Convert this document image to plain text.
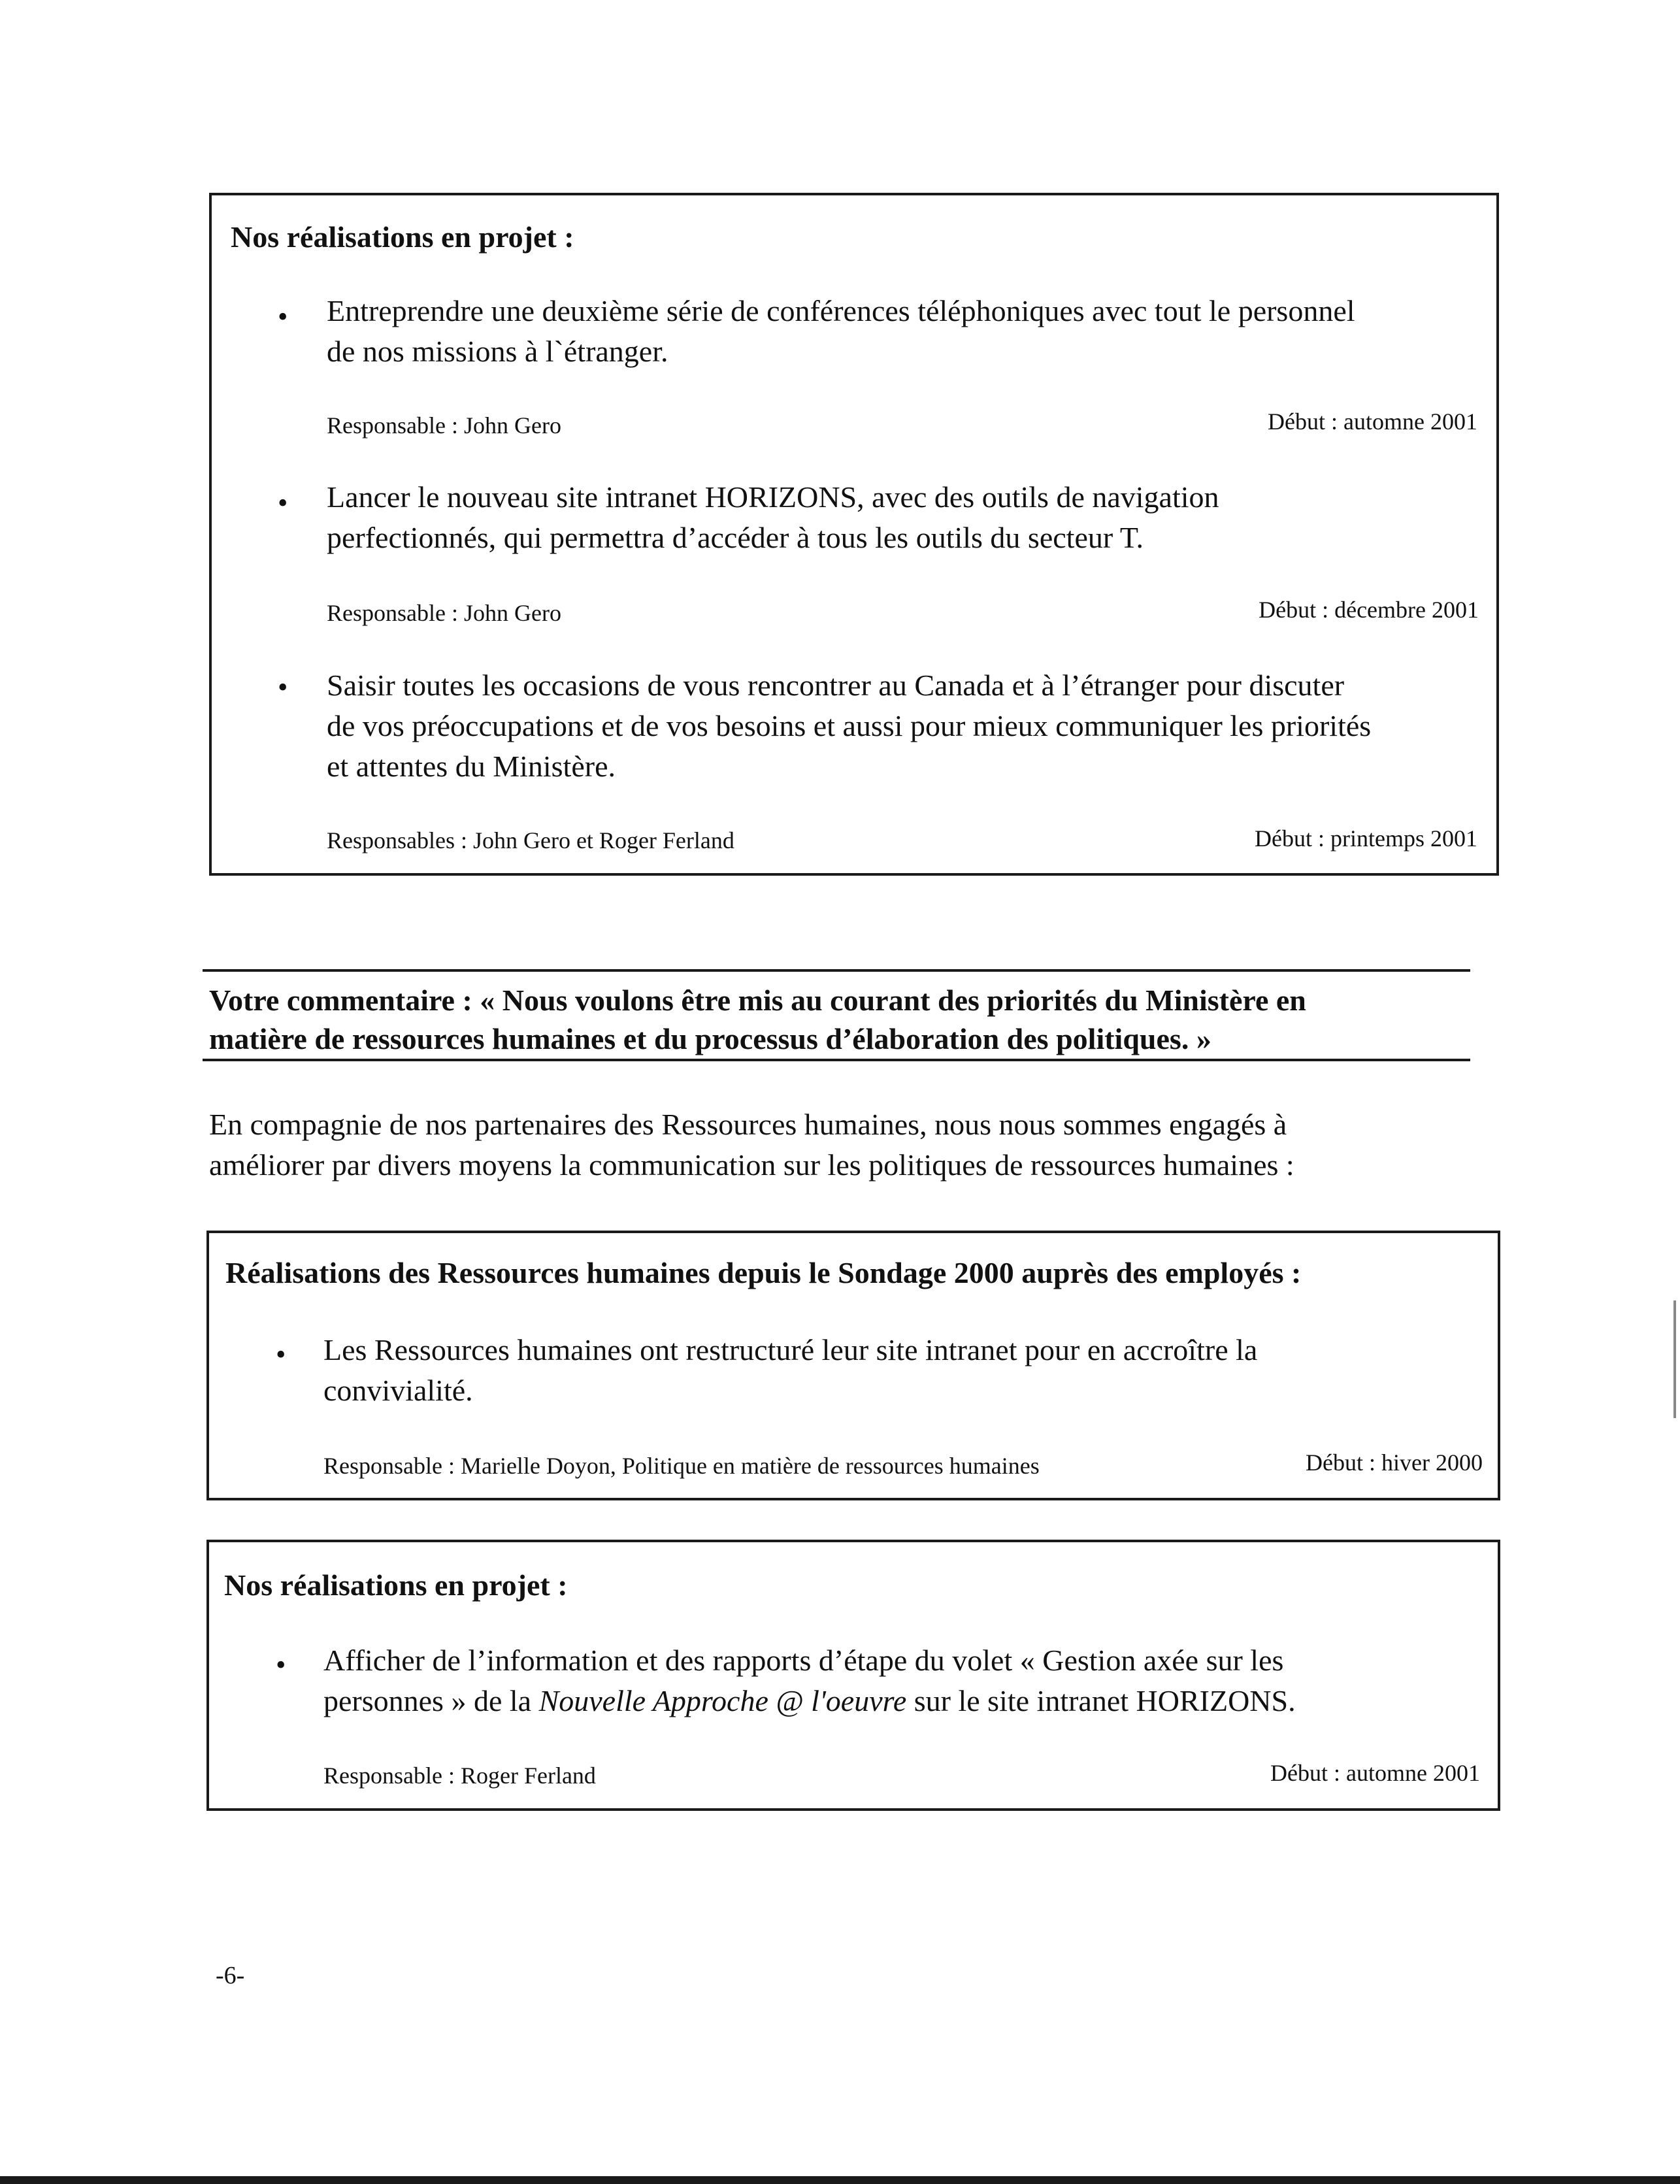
Nos réalisations en projet :
• Entreprendre une deuxième série de conférences téléphoniques avec tout le personnel
de nos missions à l`étranger.
Responsable : John Gero	Début : automne 2001
• Lancer le nouveau site intranet HORIZONS, avec des outils de navigation
perfectionnés, qui permettra d’accéder à tous les outils du secteur T.
Responsable : John Gero	Début : décembre 2001
• Saisir toutes les occasions de vous rencontrer au Canada et à l’étranger pour discuter
de vos préoccupations et de vos besoins et aussi pour mieux communiquer les priorités
et attentes du Ministère.
Responsables : John Gero et Roger Ferland	Début : printemps 2001
Votre commentaire : « Nous voulons être mis au courant des priorités du Ministère en
matière de ressources humaines et du processus d’élaboration des politiques. »
En compagnie de nos partenaires des Ressources humaines, nous nous sommes engagés à
améliorer par divers moyens la communication sur les politiques de ressources humaines :
Réalisations des Ressources humaines depuis le Sondage 2000 auprès des employés :
• Les Ressources humaines ont restructuré leur site intranet pour en accroître la
convivialité.
Responsable : Marielle Doyon, Politique en matière de ressources humaines	Début : hiver 2000
Nos réalisations en projet :
• Afficher de l’information et des rapports d’étape du volet « Gestion axée sur les
personnes » de la Nouvelle Approche @ l'oeuvre sur le site intranet HORIZONS.
Responsable : Roger Ferland	Début : automne 2001
-6-
